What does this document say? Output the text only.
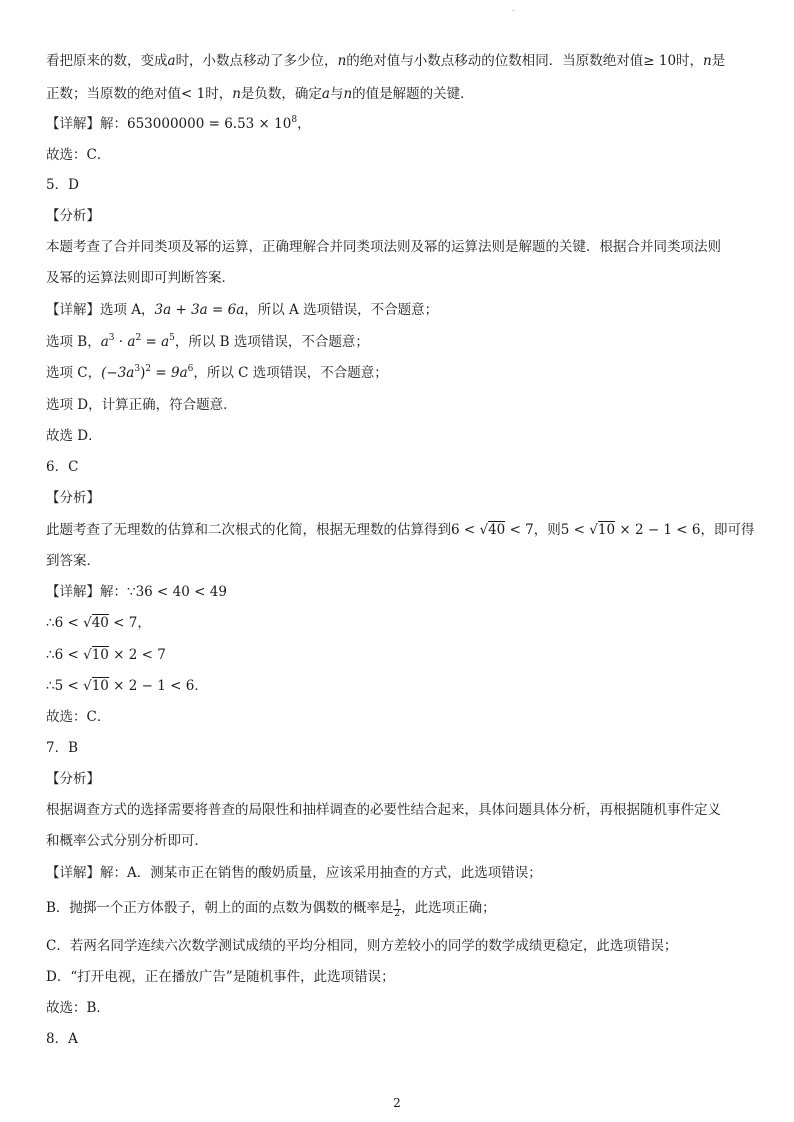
.
看把原来的数，变成a时，小数点移动了多少位，n的绝对值与小数点移动的位数相同．当原数绝对值≥ 10时，n是
正数；当原数的绝对值< 1时，n是负数，确定a与n的值是解题的关键．
【详解】解：$653000000 = 6.53 \times 10^8$，
故选：C．
5．D
【分析】
本题考查了合并同类项及幂的运算，正确理解合并同类项法则及幂的运算法则是解题的关键．根据合并同类项法则
及幂的运算法则即可判断答案．
【详解】选项 A，3a + 3a = 6a，所以 A 选项错误，不合题意；
选项 B，$a^3 \cdot a^2 = a^5$，所以 B 选项错误，不合题意；
选项 C，$(-3a^3)^2 = 9a^6$，所以 C 选项错误，不合题意；
选项 D，计算正确，符合题意．
故选 D．
6．C
【分析】
此题考查了无理数的估算和二次根式的化简，根据无理数的估算得到6 < √40 < 7，则5 < √10 × 2 − 1 < 6，即可得
到答案．
【详解】解：∵36 < 40 < 49
∴6 < √40 < 7，
∴6 < √10 × 2 < 7
∴5 < √10 × 2 − 1 < 6．
故选：C．
7．B
【分析】
根据调查方式的选择需要将普查的局限性和抽样调查的必要性结合起来，具体问题具体分析，再根据随机事件定义
和概率公式分别分析即可．
【详解】解：A．测某市正在销售的酸奶质量，应该采用抽查的方式，此选项错误；
B．抛掷一个正方体骰子，朝上的面的点数为偶数的概率是 $\frac{1}{2}$ ，此选项正确；
C．若两名同学连续六次数学测试成绩的平均分相同，则方差较小的同学的数学成绩更稳定，此选项错误；
D．“打开电视，正在播放广告”是随机事件，此选项错误；
故选：B．
8．A
2
